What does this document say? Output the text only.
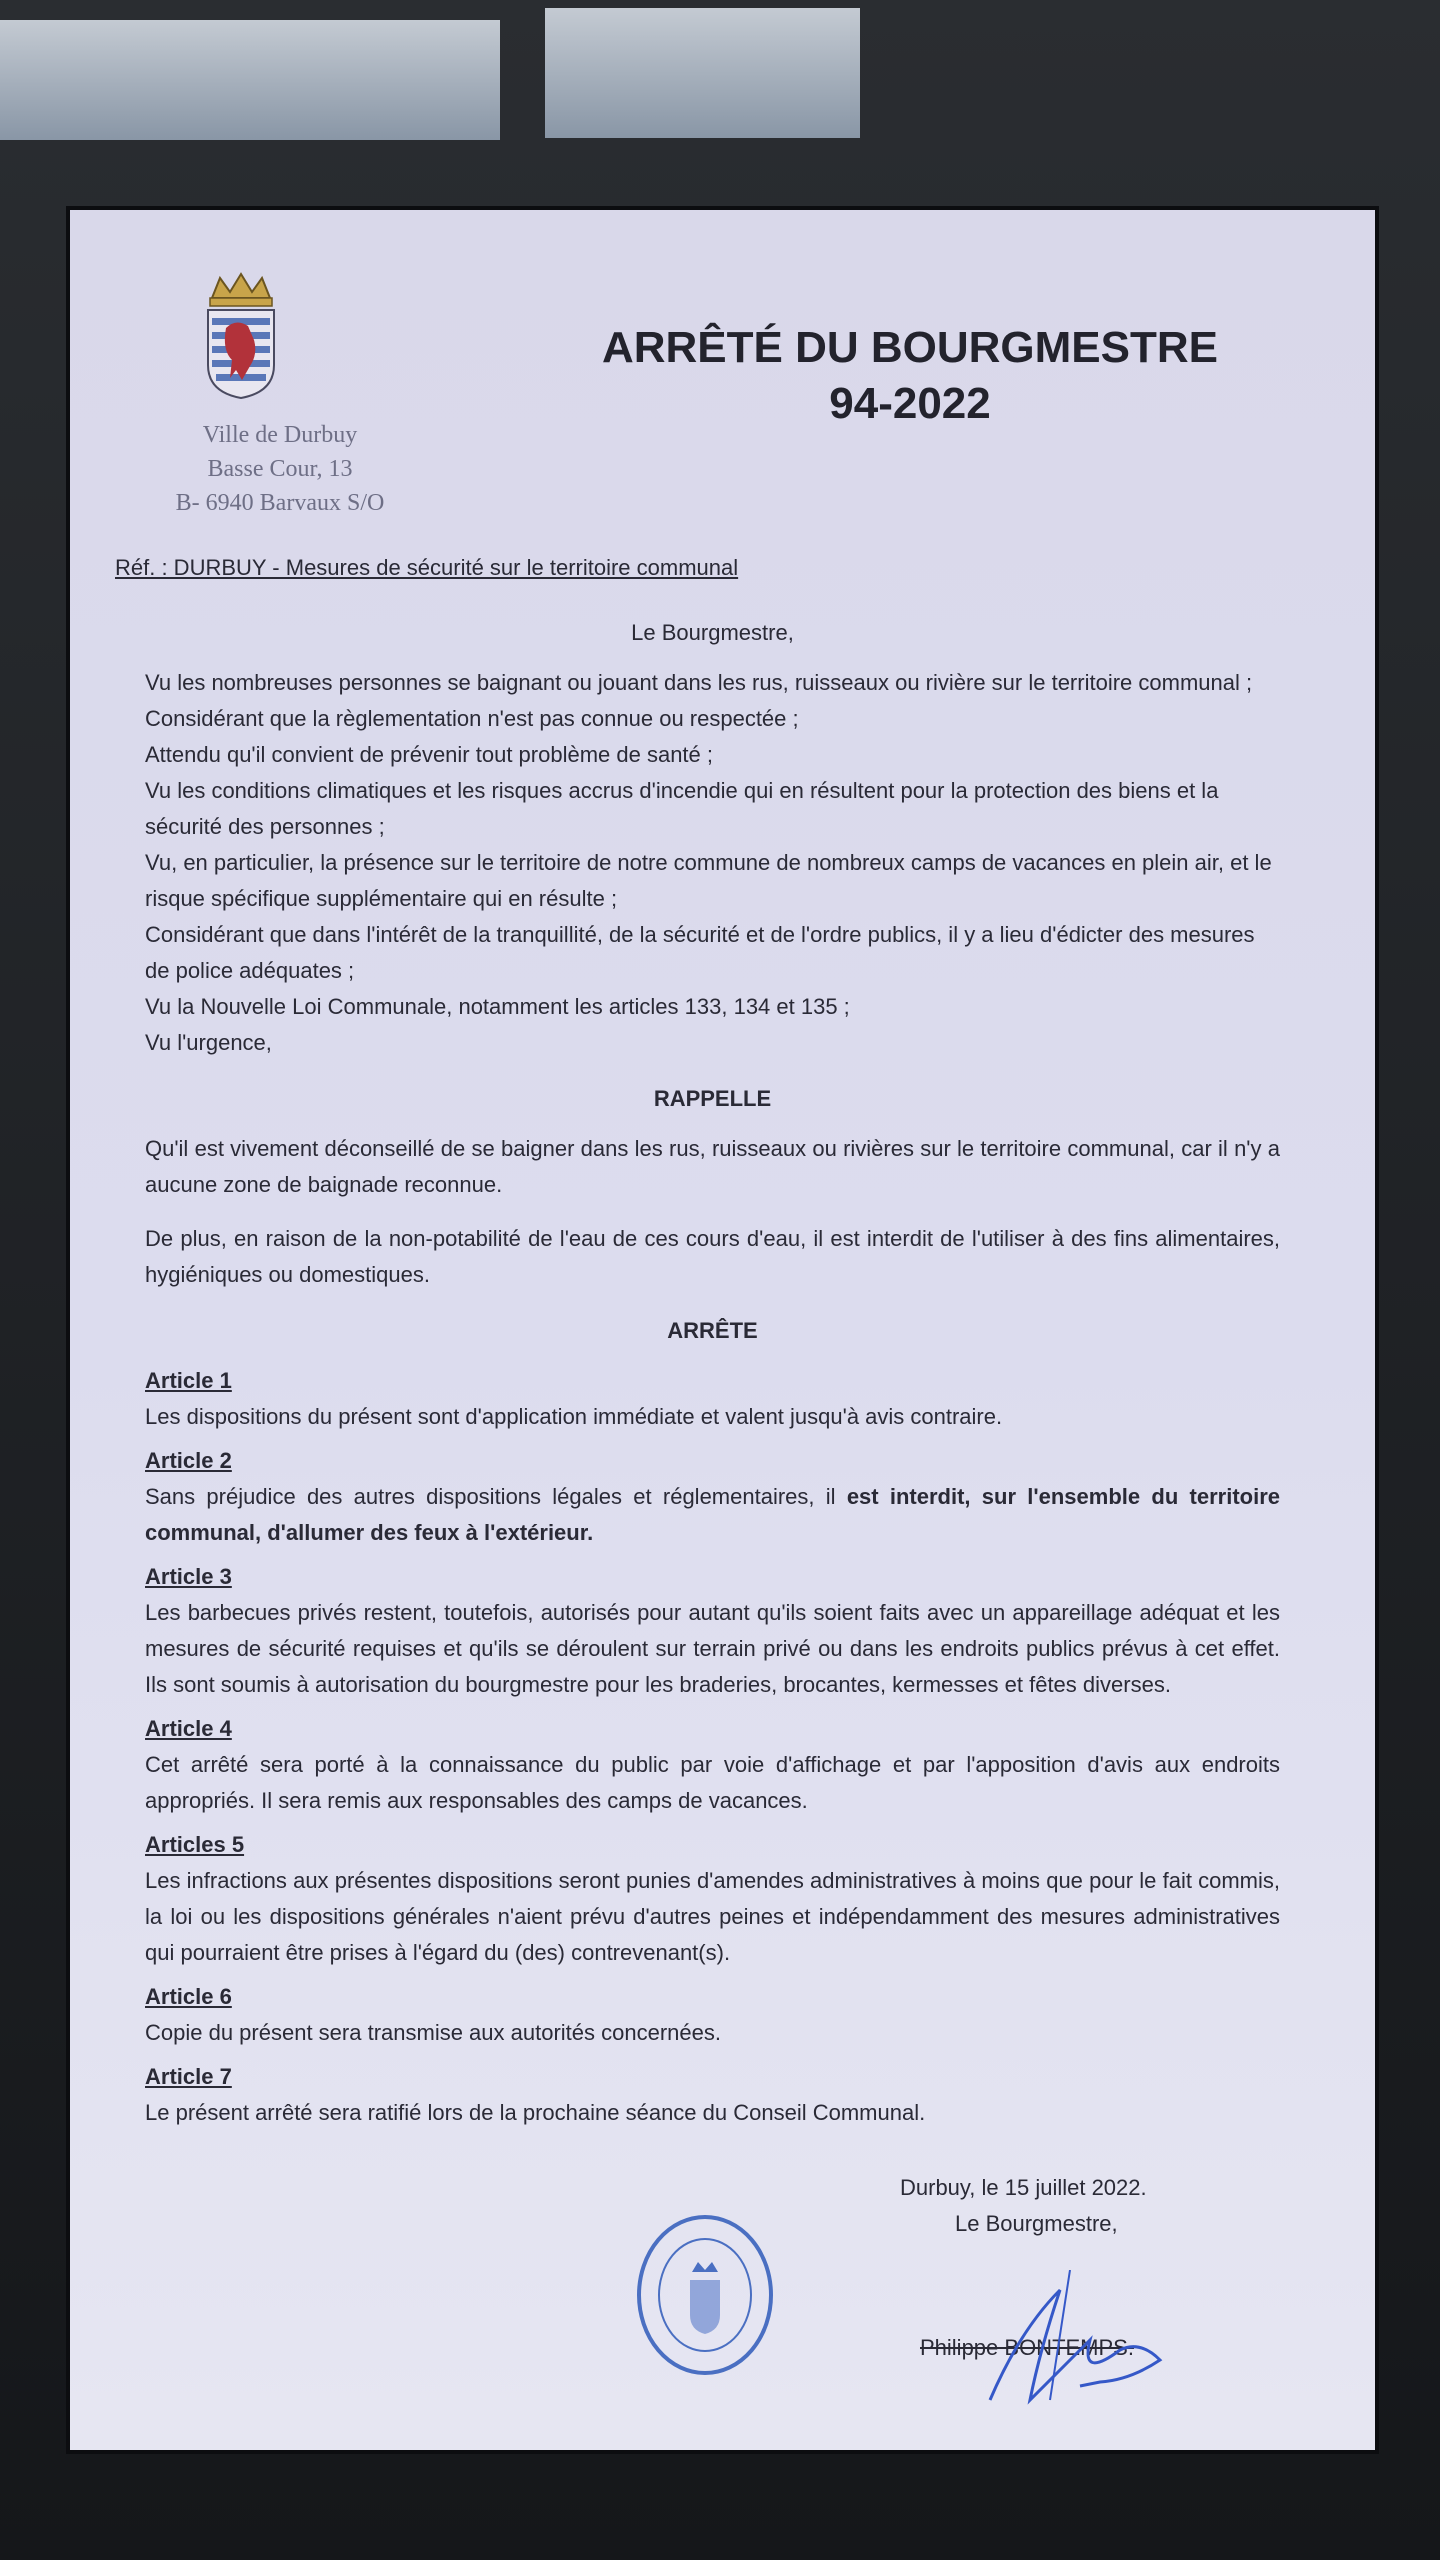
Ville de Durbuy
Basse Cour, 13
B- 6940 Barvaux S/O
ARRÊTÉ DU BOURGMESTRE
94-2022
Réf. : DURBUY - Mesures de sécurité sur le territoire communal
Le Bourgmestre,
Vu les nombreuses personnes se baignant ou jouant dans les rus, ruisseaux ou rivière sur le territoire communal ;
Considérant que la règlementation n'est pas connue ou respectée ;
Attendu qu'il convient de prévenir tout problème de santé ;
Vu les conditions climatiques et les risques accrus d'incendie qui en résultent pour la protection des biens et la sécurité des personnes ;
Vu, en particulier, la présence sur le territoire de notre commune de nombreux camps de vacances en plein air, et le risque spécifique supplémentaire qui en résulte ;
Considérant que dans l'intérêt de la tranquillité, de la sécurité et de l'ordre publics, il y a lieu d'édicter des mesures de police adéquates ;
Vu la Nouvelle Loi Communale, notamment les articles 133, 134 et 135 ;
Vu l'urgence,
RAPPELLE
Qu'il est vivement déconseillé de se baigner dans les rus, ruisseaux ou rivières sur le territoire communal, car il n'y a aucune zone de baignade reconnue.
De plus, en raison de la non-potabilité de l'eau de ces cours d'eau, il est interdit de l'utiliser à des fins alimentaires, hygiéniques ou domestiques.
ARRÊTE
Article 1
Les dispositions du présent sont d'application immédiate et valent jusqu'à avis contraire.
Article 2
Sans préjudice des autres dispositions légales et réglementaires, il est interdit, sur l'ensemble du territoire communal, d'allumer des feux à l'extérieur.
Article 3
Les barbecues privés restent, toutefois, autorisés pour autant qu'ils soient faits avec un appareillage adéquat et les mesures de sécurité requises et qu'ils se déroulent sur terrain privé ou dans les endroits publics prévus à cet effet. Ils sont soumis à autorisation du bourgmestre pour les braderies, brocantes, kermesses et fêtes diverses.
Article 4
Cet arrêté sera porté à la connaissance du public par voie d'affichage et par l'apposition d'avis aux endroits appropriés. Il sera remis aux responsables des camps de vacances.
Articles 5
Les infractions aux présentes dispositions seront punies d'amendes administratives à moins que pour le fait commis, la loi ou les dispositions générales n'aient prévu d'autres peines et indépendamment des mesures administratives qui pourraient être prises à l'égard du (des) contrevenant(s).
Article 6
Copie du présent sera transmise aux autorités concernées.
Article 7
Le présent arrêté sera ratifié lors de la prochaine séance du Conseil Communal.
Durbuy, le 15 juillet 2022.
Le Bourgmestre,
Philippe BONTEMPS.
